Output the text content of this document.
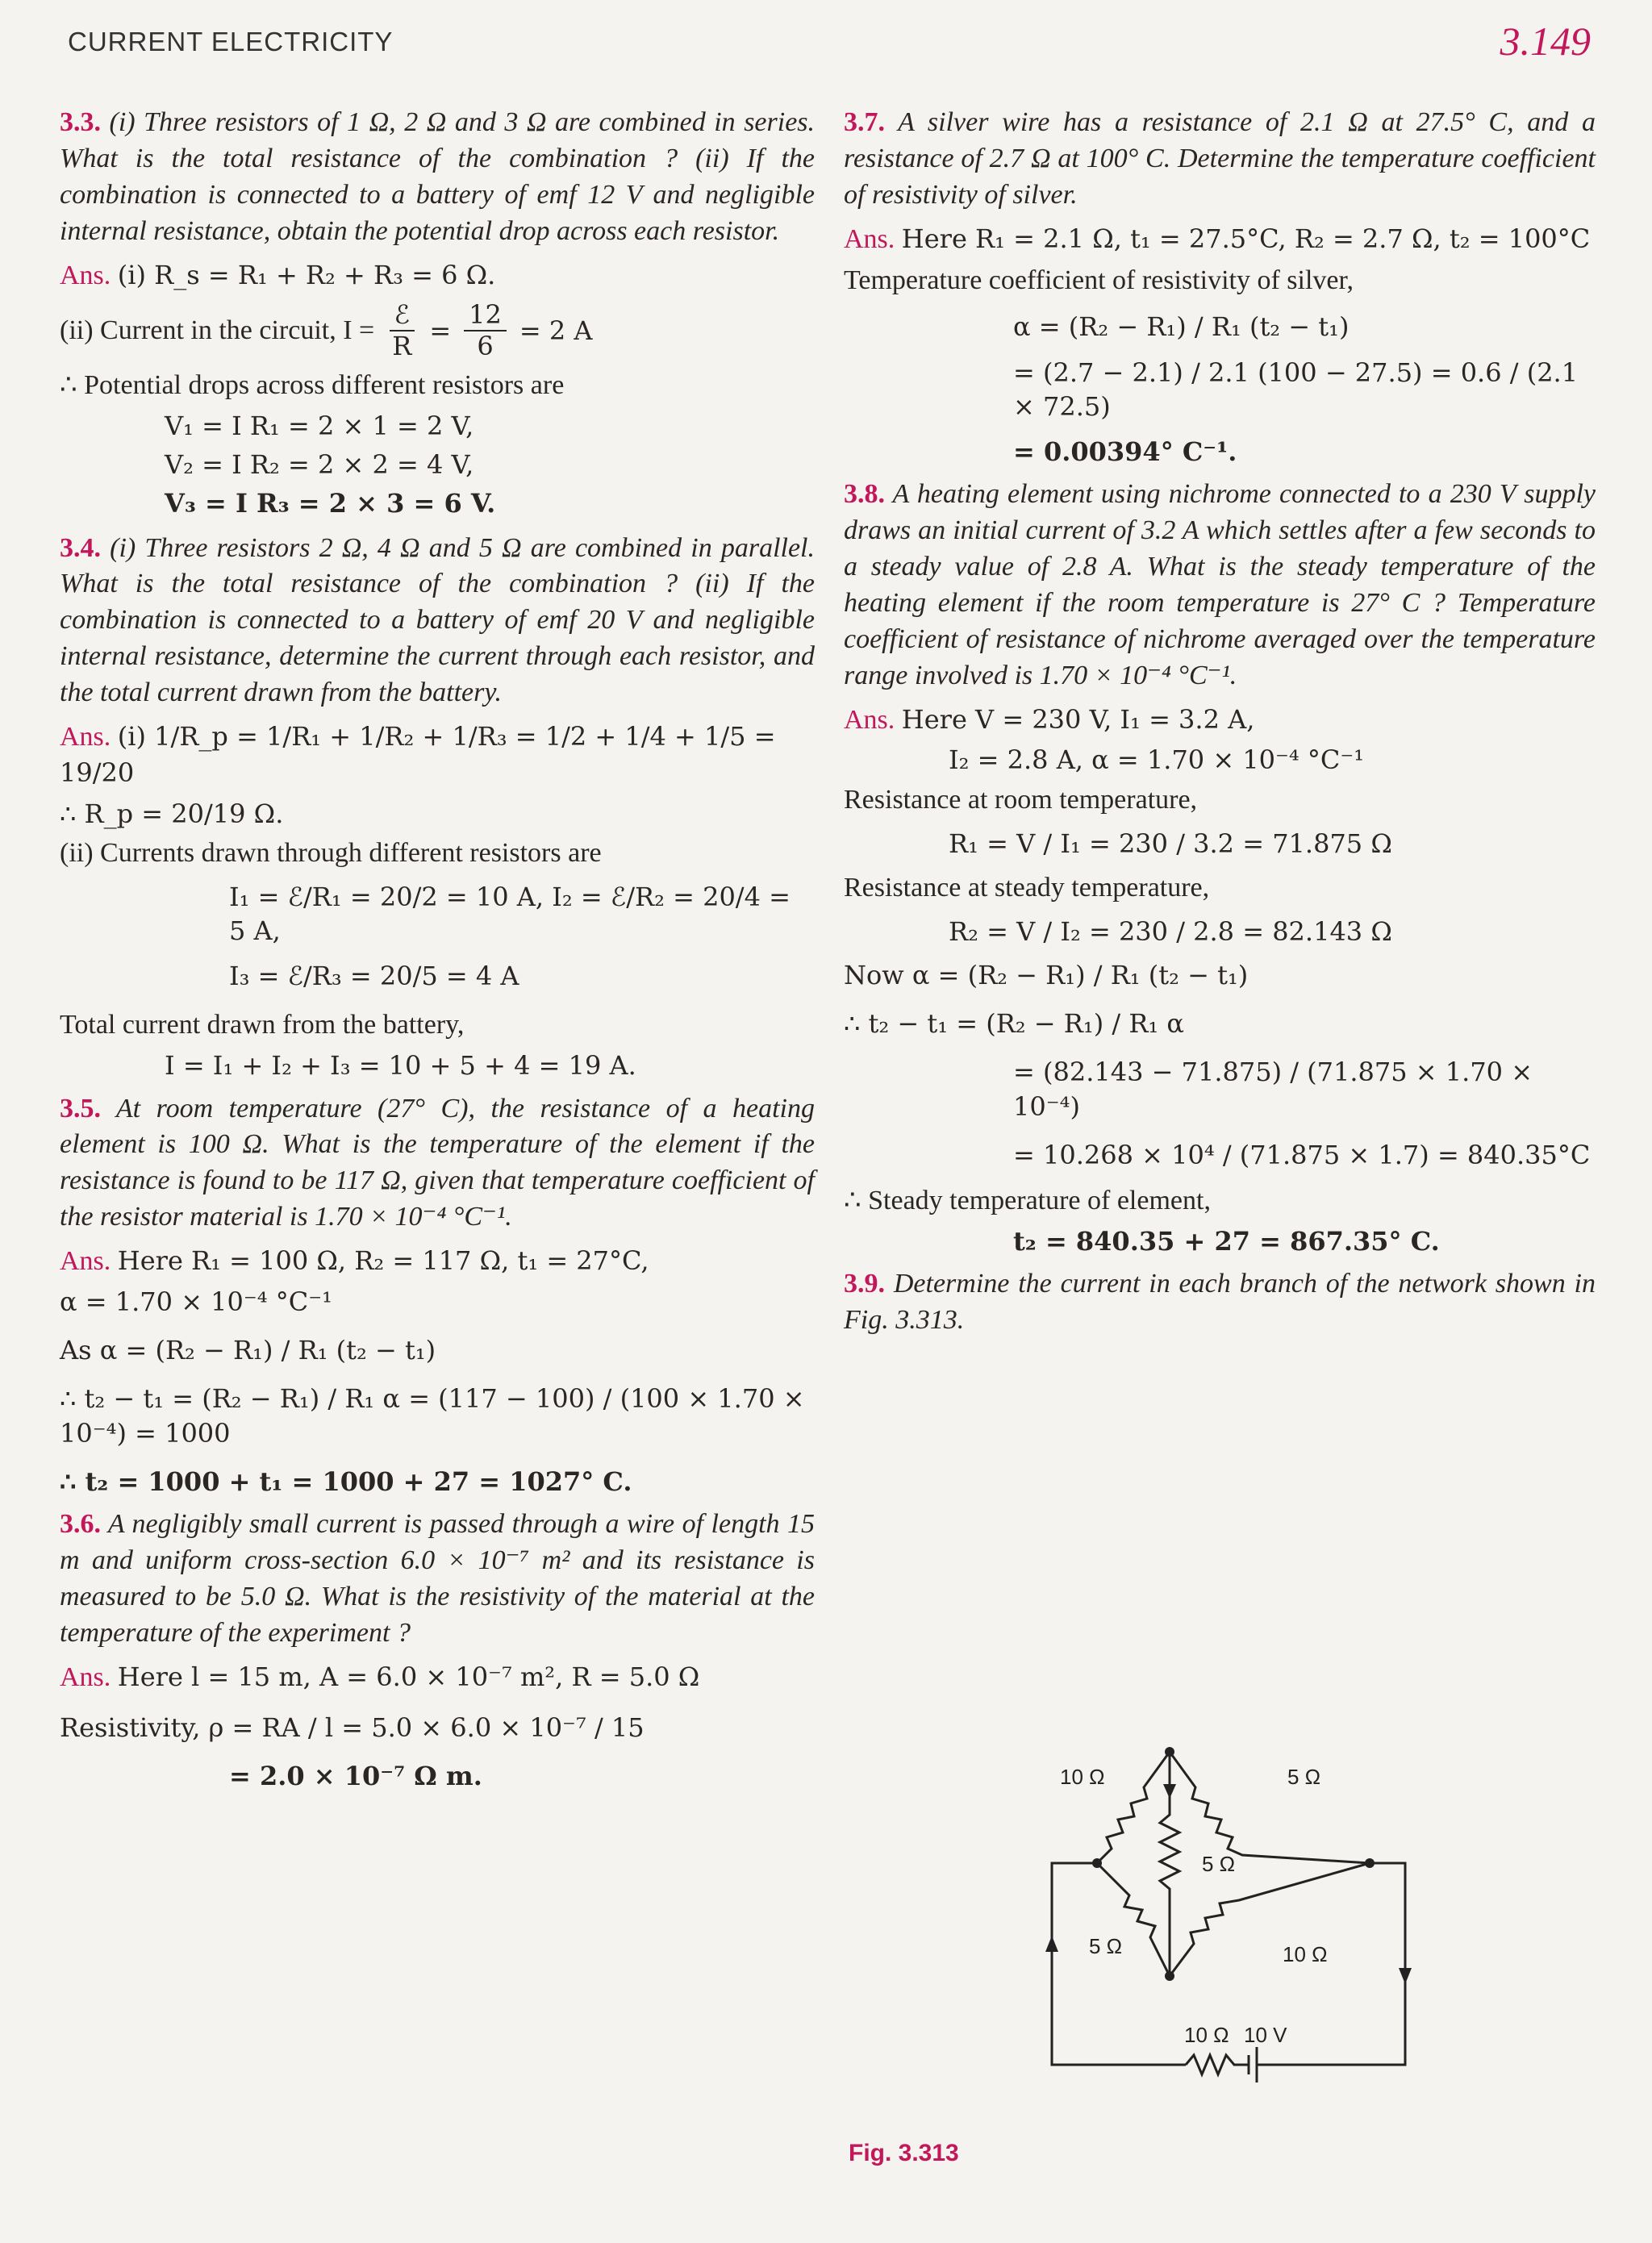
CURRENT ELECTRICITY	3.149
3.3. (i) Three resistors of 1 Ω, 2 Ω and 3 Ω are combined in series. What is the total resistance of the combination ? (ii) If the combination is connected to a battery of emf 12 V and negligible internal resistance, obtain the potential drop across each resistor.
Ans. (i) R_s = R₁ + R₂ + R₃ = 6 Ω.
(ii) Current in the circuit, $I = \frac{\text{ℰ}}{R} = \frac{12}{6} = 2$ A
∴ Potential drops across different resistors are
V₁ = I R₁ = 2 × 1 = 2 V,
V₂ = I R₂ = 2 × 2 = 4 V,
V₃ = I R₃ = 2 × 3 = 6 V.
3.4. (i) Three resistors 2 Ω, 4 Ω and 5 Ω are combined in parallel. What is the total resistance of the combination ? (ii) If the combination is connected to a battery of emf 20 V and negligible internal resistance, determine the current through each resistor, and the total current drawn from the battery.
Ans. (i) 1/R_p = 1/R₁ + 1/R₂ + 1/R₃ = 1/2 + 1/4 + 1/5 = 19/20
∴ R_p = 20/19 Ω.
(ii) Currents drawn through different resistors are
I₁ = ℰ/R₁ = 20/2 = 10 A, I₂ = ℰ/R₂ = 20/4 = 5 A,
I₃ = ℰ/R₃ = 20/5 = 4 A
Total current drawn from the battery,
I = I₁ + I₂ + I₃ = 10 + 5 + 4 = 19 A.
3.5. At room temperature (27° C), the resistance of a heating element is 100 Ω. What is the temperature of the element if the resistance is found to be 117 Ω, given that temperature coefficient of the resistor material is 1.70 × 10⁻⁴ °C⁻¹.
Ans. Here R₁ = 100 Ω, R₂ = 117 Ω, t₁ = 27°C,
α = 1.70 × 10⁻⁴ °C⁻¹
As α = (R₂ − R₁) / R₁ (t₂ − t₁)
∴ t₂ − t₁ = (R₂ − R₁) / R₁ α = (117 − 100) / (100 × 1.70 × 10⁻⁴) = 1000
∴ t₂ = 1000 + t₁ = 1000 + 27 = 1027° C.
3.6. A negligibly small current is passed through a wire of length 15 m and uniform cross-section 6.0 × 10⁻⁷ m² and its resistance is measured to be 5.0 Ω. What is the resistivity of the material at the temperature of the experiment ?
Ans. Here l = 15 m, A = 6.0 × 10⁻⁷ m², R = 5.0 Ω
Resistivity, ρ = RA / l = 5.0 × 6.0 × 10⁻⁷ / 15
= 2.0 × 10⁻⁷ Ω m.
3.7. A silver wire has a resistance of 2.1 Ω at 27.5° C, and a resistance of 2.7 Ω at 100° C. Determine the temperature coefficient of resistivity of silver.
Ans. Here R₁ = 2.1 Ω, t₁ = 27.5°C, R₂ = 2.7 Ω, t₂ = 100°C
Temperature coefficient of resistivity of silver,
α = (R₂ − R₁) / R₁ (t₂ − t₁)
= (2.7 − 2.1) / 2.1 (100 − 27.5) = 0.6 / (2.1 × 72.5)
= 0.00394° C⁻¹.
3.8. A heating element using nichrome connected to a 230 V supply draws an initial current of 3.2 A which settles after a few seconds to a steady value of 2.8 A. What is the steady temperature of the heating element if the room temperature is 27° C ? Temperature coefficient of resistance of nichrome averaged over the temperature range involved is 1.70 × 10⁻⁴ °C⁻¹.
Ans. Here V = 230 V, I₁ = 3.2 A,
I₂ = 2.8 A, α = 1.70 × 10⁻⁴ °C⁻¹
Resistance at room temperature,
R₁ = V / I₁ = 230 / 3.2 = 71.875 Ω
Resistance at steady temperature,
R₂ = V / I₂ = 230 / 2.8 = 82.143 Ω
Now α = (R₂ − R₁) / R₁ (t₂ − t₁)
∴ t₂ − t₁ = (R₂ − R₁) / R₁ α
= (82.143 − 71.875) / (71.875 × 1.70 × 10⁻⁴)
= 10.268 × 10⁴ / (71.875 × 1.7) = 840.35°C
∴ Steady temperature of element,
t₂ = 840.35 + 27 = 867.35° C.
3.9. Determine the current in each branch of the network shown in Fig. 3.313.
10 Ω	5 Ω
5 Ω
5 Ω	10 Ω
10 Ω 10 V
Fig. 3.313
